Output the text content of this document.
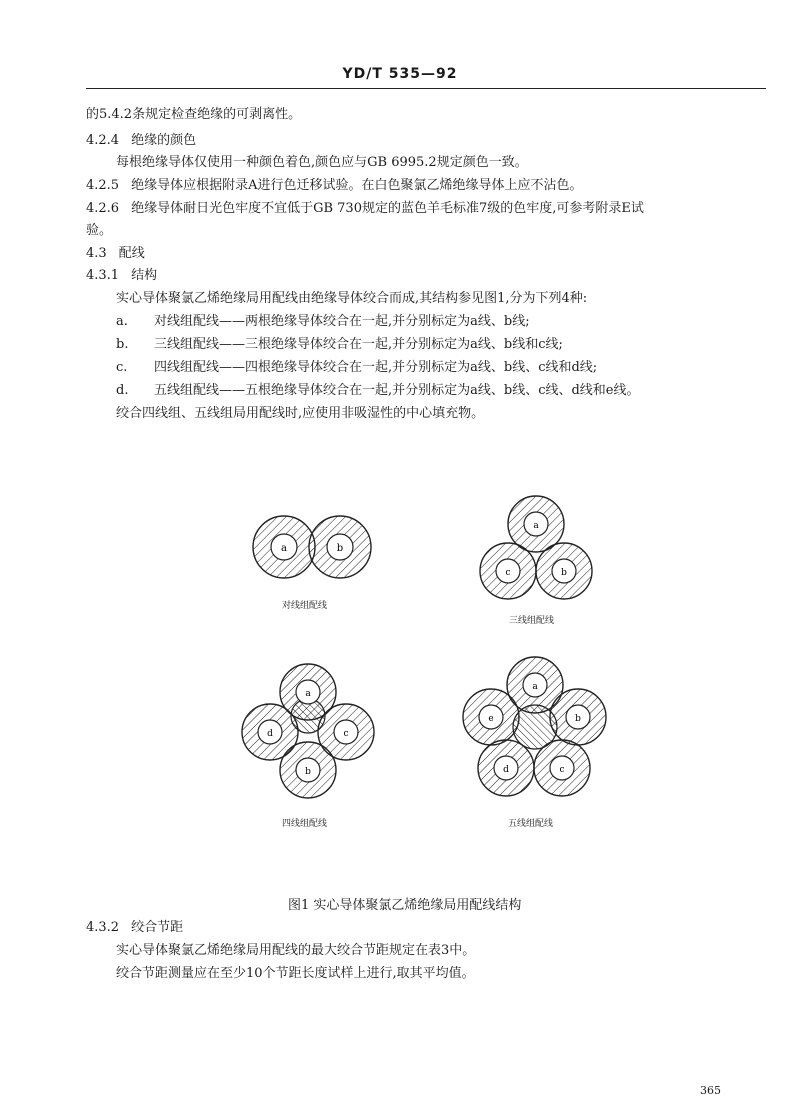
YD/T 535—92
的5.4.2条规定检查绝缘的可剥离性。
4.2.4 绝缘的颜色
每根绝缘导体仅使用一种颜色着色,颜色应与GB 6995.2规定颜色一致。
4.2.5 绝缘导体应根据附录A进行色迁移试验。在白色聚氯乙烯绝缘导体上应不沾色。
4.2.6 绝缘导体耐日光色牢度不宜低于GB 730规定的蓝色羊毛标准7级的色牢度,可参考附录E试
验。
4.3 配线
4.3.1 结构
实心导体聚氯乙烯绝缘局用配线由绝缘导体绞合而成,其结构参见图1,分为下列4种:
a. 对线组配线——两根绝缘导体绞合在一起,并分别标定为a线、b线;
b. 三线组配线——三根绝缘导体绞合在一起,并分别标定为a线、b线和c线;
c. 四线组配线——四根绝缘导体绞合在一起,并分别标定为a线、b线、c线和d线;
d. 五线组配线——五根绝缘导体绞合在一起,并分别标定为a线、b线、c线、d线和e线。
绞合四线组、五线组局用配线时,应使用非吸湿性的中心填充物。
a	b
a
c	b
a
d	c
b
a
e	b
d	c
对线组配线
三线组配线
四线组配线	五线组配线
图1 实心导体聚氯乙烯绝缘局用配线结构
4.3.2 绞合节距
实心导体聚氯乙烯绝缘局用配线的最大绞合节距规定在表3中。
绞合节距测量应在至少10个节距长度试样上进行,取其平均值。
365
